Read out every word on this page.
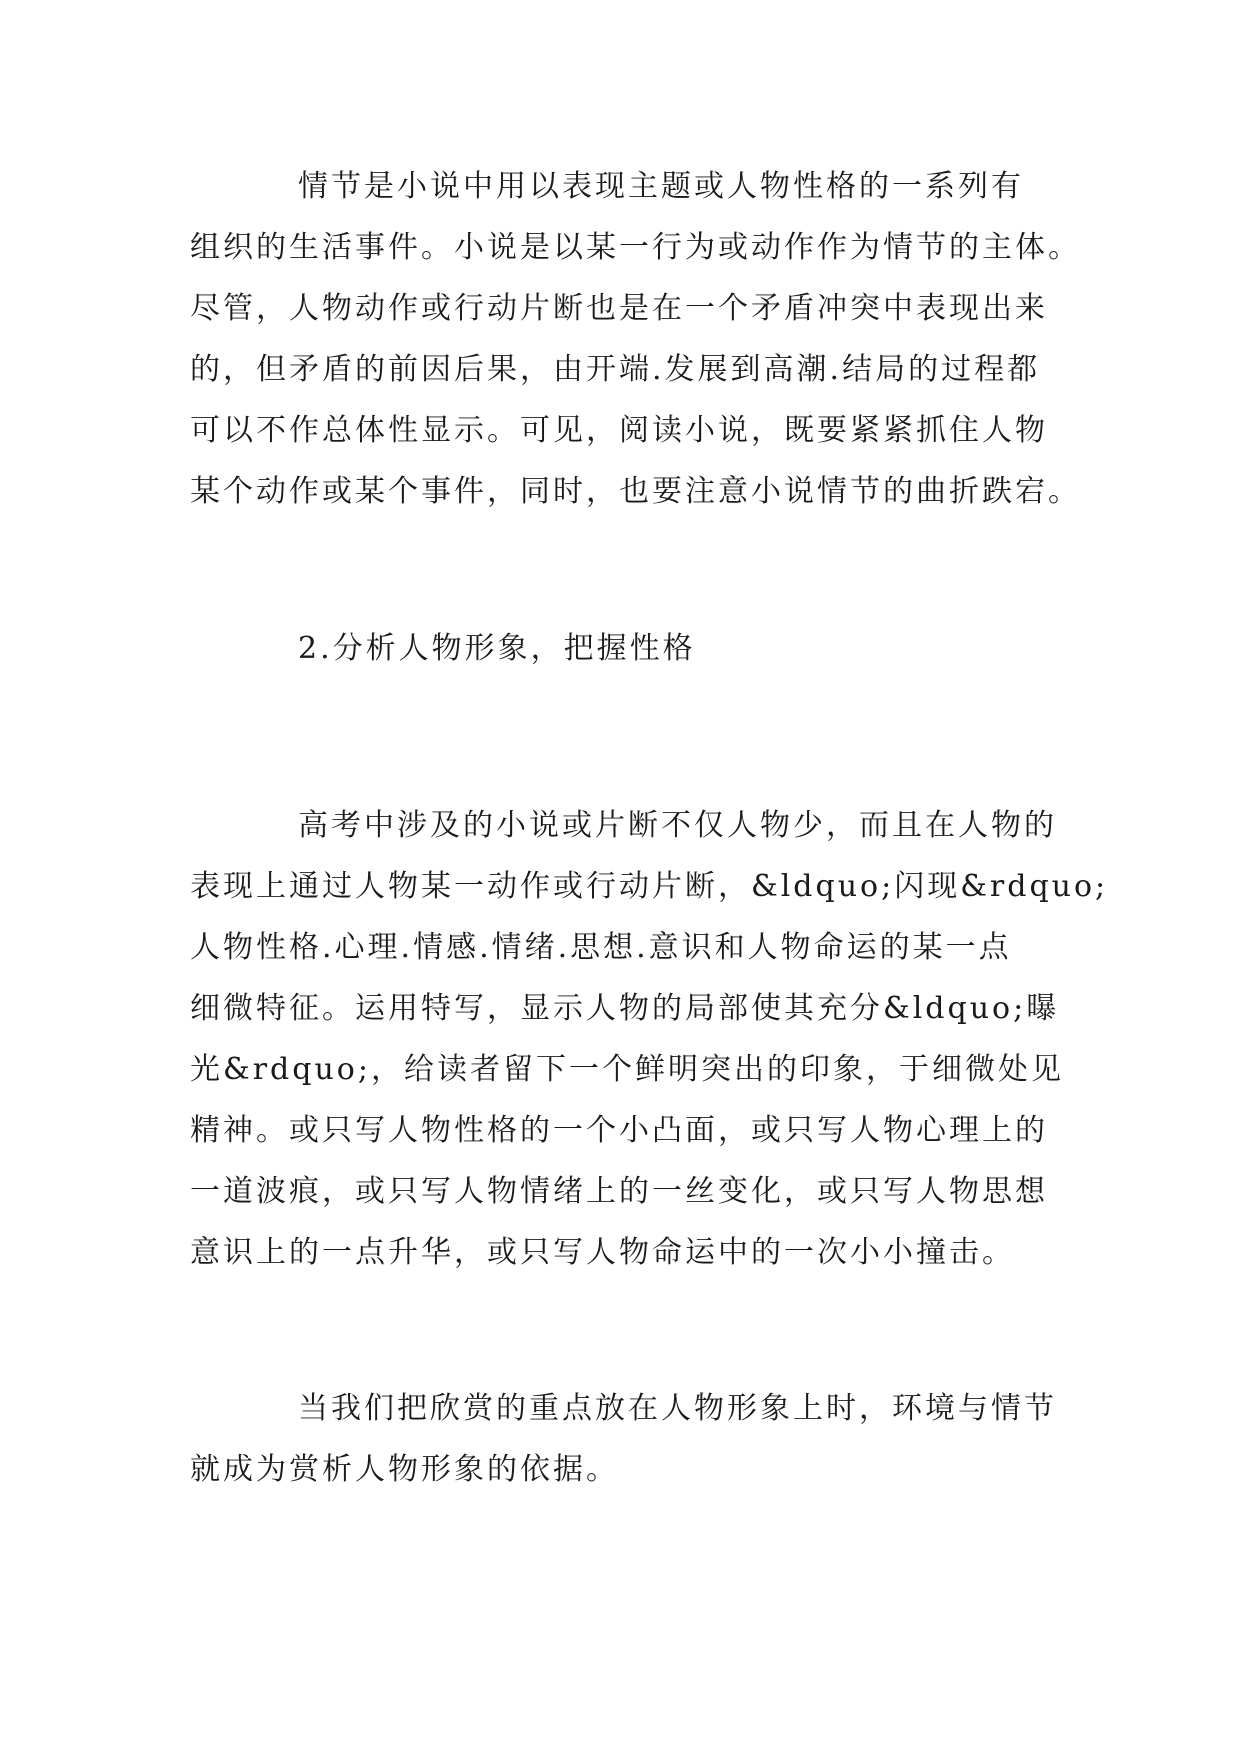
情节是小说中用以表现主题或人物性格的一系列有
组织的生活事件。小说是以某一行为或动作作为情节的主体。
尽管，人物动作或行动片断也是在一个矛盾冲突中表现出来
的，但矛盾的前因后果，由开端.发展到高潮.结局的过程都
可以不作总体性显示。可见，阅读小说，既要紧紧抓住人物
某个动作或某个事件，同时，也要注意小说情节的曲折跌宕。
2.分析人物形象，把握性格
高考中涉及的小说或片断不仅人物少，而且在人物的
表现上通过人物某一动作或行动片断，&ldquo;闪现&rdquo;
人物性格.心理.情感.情绪.思想.意识和人物命运的某一点
细微特征。运用特写，显示人物的局部使其充分&ldquo;曝
光&rdquo;，给读者留下一个鲜明突出的印象，于细微处见
精神。或只写人物性格的一个小凸面，或只写人物心理上的
一道波痕，或只写人物情绪上的一丝变化，或只写人物思想
意识上的一点升华，或只写人物命运中的一次小小撞击。
当我们把欣赏的重点放在人物形象上时，环境与情节
就成为赏析人物形象的依据。
